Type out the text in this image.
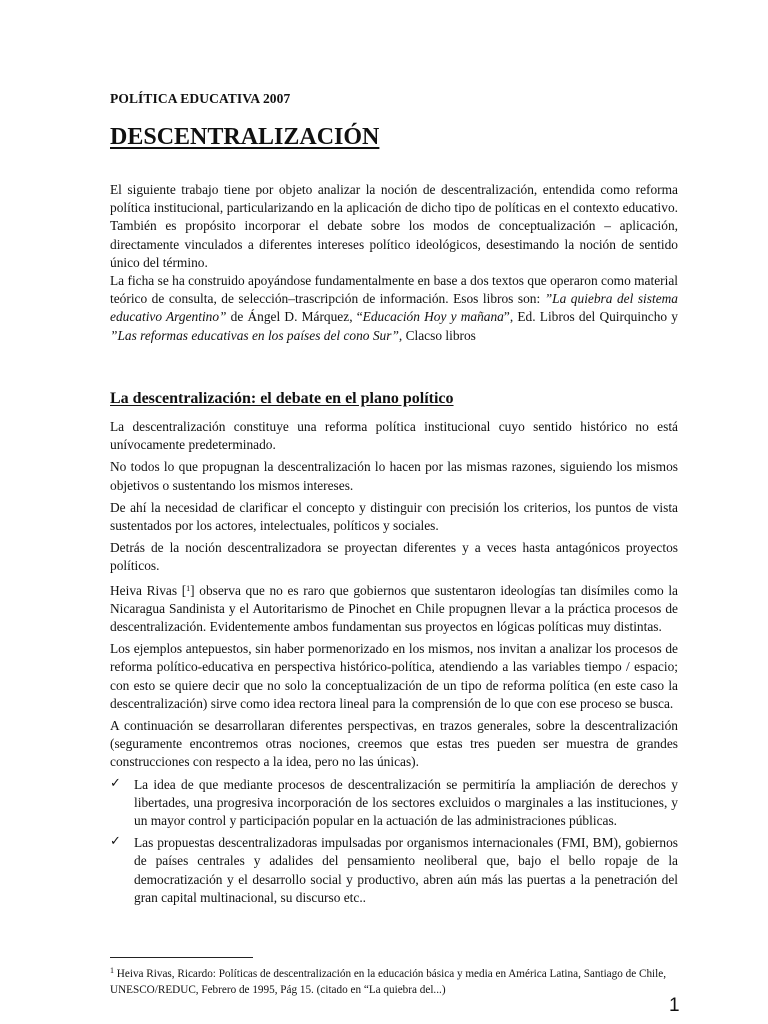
POLÍTICA EDUCATIVA 2007
DESCENTRALIZACIÓN

El siguiente trabajo tiene por objeto analizar la noción de descentralización, entendida como reforma política institucional, particularizando en la aplicación de dicho tipo de políticas en el contexto educativo. También es propósito incorporar el debate sobre los modos de conceptualización – aplicación, directamente vinculados a diferentes intereses político ideológicos, desestimando la noción de sentido único del término.

La ficha se ha construido apoyándose fundamentalmente en base a dos textos que operaron como material teórico de consulta, de selección–trascripción de información. Esos libros son: ”La quiebra del sistema educativo Argentino” de Ángel D. Márquez, “Educación Hoy y mañana”, Ed. Libros del Quirquincho y ”Las reformas educativas en los países del cono Sur”, Clacso libros

La descentralización: el debate en el plano político

La descentralización constituye una reforma política institucional cuyo sentido histórico no está unívocamente predeterminado.

No todos lo que propugnan la descentralización lo hacen por las mismas razones, siguiendo los mismos objetivos o sustentando los mismos intereses.

De ahí la necesidad de clarificar el concepto y distinguir con precisión los criterios, los puntos de vista sustentados por los actores, intelectuales, políticos y sociales.

Detrás de la noción descentralizadora se proyectan diferentes y a veces hasta antagónicos proyectos políticos.

Heiva Rivas [$^1$] observa que no es raro que gobiernos que sustentaron ideologías tan disímiles como la Nicaragua Sandinista y el Autoritarismo de Pinochet en Chile propugnen llevar a la práctica procesos de descentralización. Evidentemente ambos fundamentan sus proyectos en lógicas políticas muy distintas.

Los ejemplos antepuestos, sin haber pormenorizado en los mismos, nos invitan a analizar los procesos de reforma político-educativa en perspectiva histórico-política, atendiendo a las variables tiempo / espacio; con esto se quiere decir que no solo la conceptualización de un tipo de reforma política (en este caso la descentralización) sirve como idea rectora lineal para la comprensión de lo que con ese proceso se busca.

A continuación se desarrollaran diferentes perspectivas, en trazos generales, sobre la descentralización (seguramente encontremos otras nociones, creemos que estas tres pueden ser muestra de grandes construcciones con respecto a la idea, pero no las únicas).

✓ La idea de que mediante procesos de descentralización se permitiría la ampliación de derechos y libertades, una progresiva incorporación de los sectores excluidos o marginales a las instituciones, y un mayor control y participación popular en la actuación de las administraciones públicas.

✓ Las propuestas descentralizadoras impulsadas por organismos internacionales (FMI, BM), gobiernos de países centrales y adalides del pensamiento neoliberal que, bajo el bello ropaje de la democratización y el desarrollo social y productivo, abren aún más las puertas a la penetración del gran capital multinacional, su discurso etc..

$^1$ Heiva Rivas, Ricardo: Políticas de descentralización en la educación básica y media en América Latina, Santiago de Chile, UNESCO/REDUC, Febrero de 1995, Pág 15. (citado en “La quiebra del...)
1
